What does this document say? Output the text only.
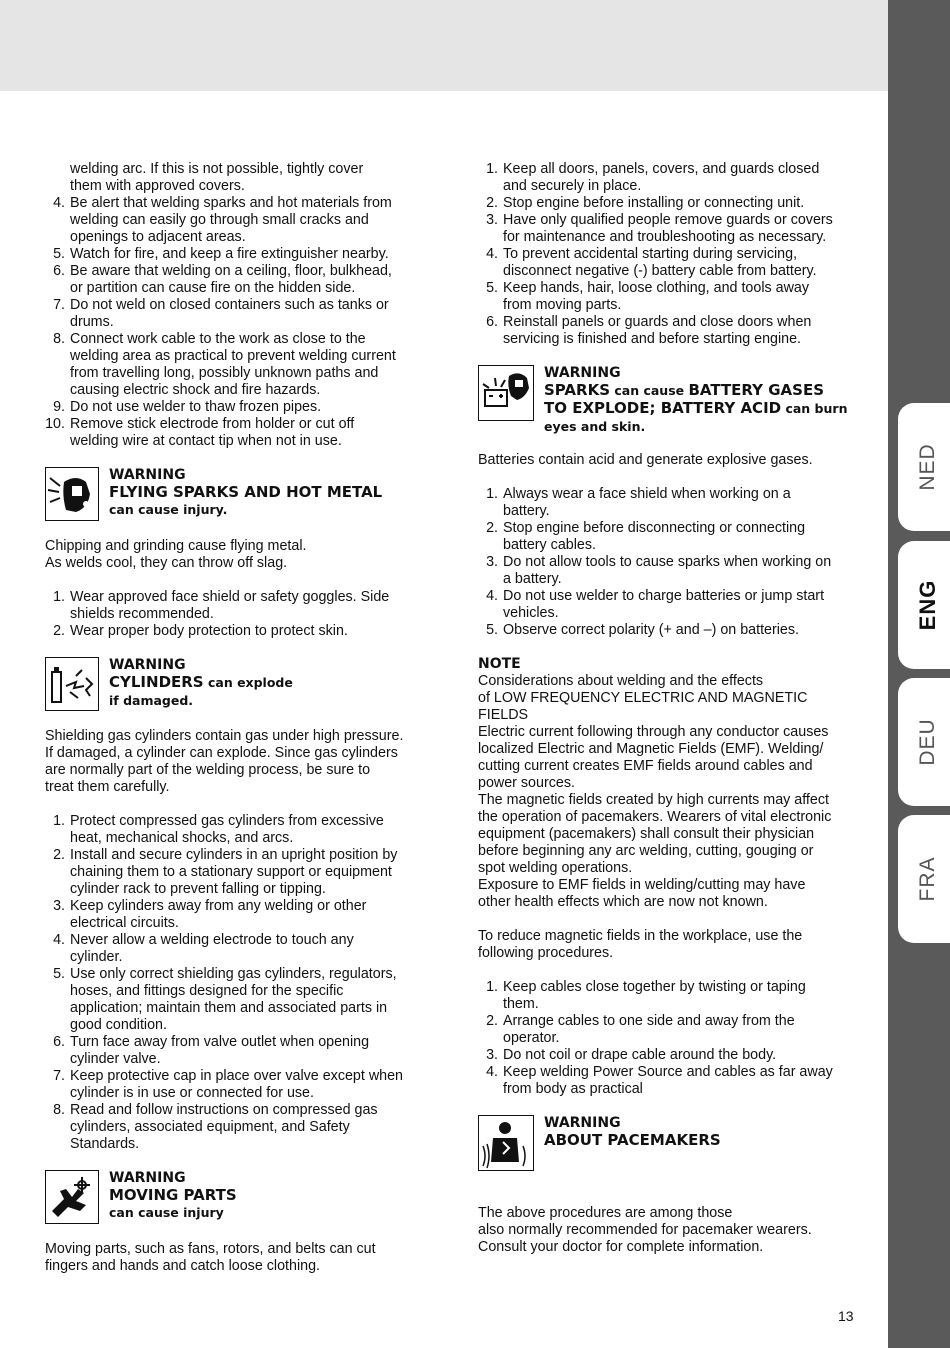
NED
ENG
DEU
FRA
welding arc. If this is not possible, tightly cover
them with approved covers.
4 . Be alert that welding sparks and hot materials from
welding can easily go through small cracks and
openings to adjacent areas.
5 . Watch for fire, and keep a fire extinguisher nearby.
6 . Be aware that welding on a ceiling, floor, bulkhead,
or partition can cause fire on the hidden side.
7 . Do not weld on closed containers such as tanks or
drums.
8 . Connect work cable to the work as close to the
welding area as practical to prevent welding current
from travelling long, possibly unknown paths and
causing electric shock and fire hazards.
9 . Do not use welder to thaw frozen pipes.
10 . Remove stick electrode from holder or cut off
welding wire at contact tip when not in use.
WARNING
FLYING SPARKS AND HOT METAL
can cause injury.
Chipping and grinding cause flying metal.
As welds cool, they can throw off slag.
1 . Wear approved face shield or safety goggles. Side
shields recommended.
2 . Wear proper body protection to protect skin.
WARNING
CYLINDERS can explode
if damaged.
Shielding gas cylinders contain gas under high pressure.
If damaged, a cylinder can explode. Since gas cylinders
are normally part of the welding process, be sure to
treat them carefully.
1 . Protect compressed gas cylinders from excessive
heat, mechanical shocks, and arcs.
2 . Install and secure cylinders in an upright position by
chaining them to a stationary support or equipment
cylinder rack to prevent falling or tipping.
3 . Keep cylinders away from any welding or other
electrical circuits.
4 . Never allow a welding electrode to touch any
cylinder.
5 . Use only correct shielding gas cylinders, regulators,
hoses, and fittings designed for the specific
application; maintain them and associated parts in
good condition.
6 . Turn face away from valve outlet when opening
cylinder valve.
7 . Keep protective cap in place over valve except when
cylinder is in use or connected for use.
8 . Read and follow instructions on compressed gas
cylinders, associated equipment, and Safety
Standards.
WARNING
MOVING PARTS
can cause injury
Moving parts, such as fans, rotors, and belts can cut
fingers and hands and catch loose clothing.
1 . Keep all doors, panels, covers, and guards closed
and securely in place.
2 . Stop engine before installing or connecting unit.
3 . Have only qualified people remove guards or covers
for maintenance and troubleshooting as necessary.
4 . To prevent accidental starting during servicing,
disconnect negative (-) battery cable from battery.
5 . Keep hands, hair, loose clothing, and tools away
from moving parts.
6 . Reinstall panels or guards and close doors when
servicing is finished and before starting engine.
WARNING
SPARKS can cause BATTERY GASES
TO EXPLODE; BATTERY ACID can burn
eyes and skin.
Batteries contain acid and generate explosive gases.
1 . Always wear a face shield when working on a
battery.
2 . Stop engine before disconnecting or connecting
battery cables.
3 . Do not allow tools to cause sparks when working on
a battery.
4 . Do not use welder to charge batteries or jump start
vehicles.
5 . Observe correct polarity (+ and –) on batteries.
NOTE
Considerations about welding and the effects
of LOW FREQUENCY ELECTRIC AND MAGNETIC
FIELDS
Electric current following through any conductor causes
localized Electric and Magnetic Fields (EMF). Welding/
cutting current creates EMF fields around cables and
power sources.
The magnetic fields created by high currents may affect
the operation of pacemakers. Wearers of vital electronic
equipment (pacemakers) shall consult their physician
before beginning any arc welding, cutting, gouging or
spot welding operations.
Exposure to EMF fields in welding/cutting may have
other health effects which are now not known.
To reduce magnetic fields in the workplace, use the
following procedures.
1 . Keep cables close together by twisting or taping
them.
2 . Arrange cables to one side and away from the
operator.
3 . Do not coil or drape cable around the body.
4 . Keep welding Power Source and cables as far away
from body as practical
WARNING
ABOUT PACEMAKERS
The above procedures are among those
also normally recommended for pacemaker wearers.
Consult your doctor for complete information.
13
